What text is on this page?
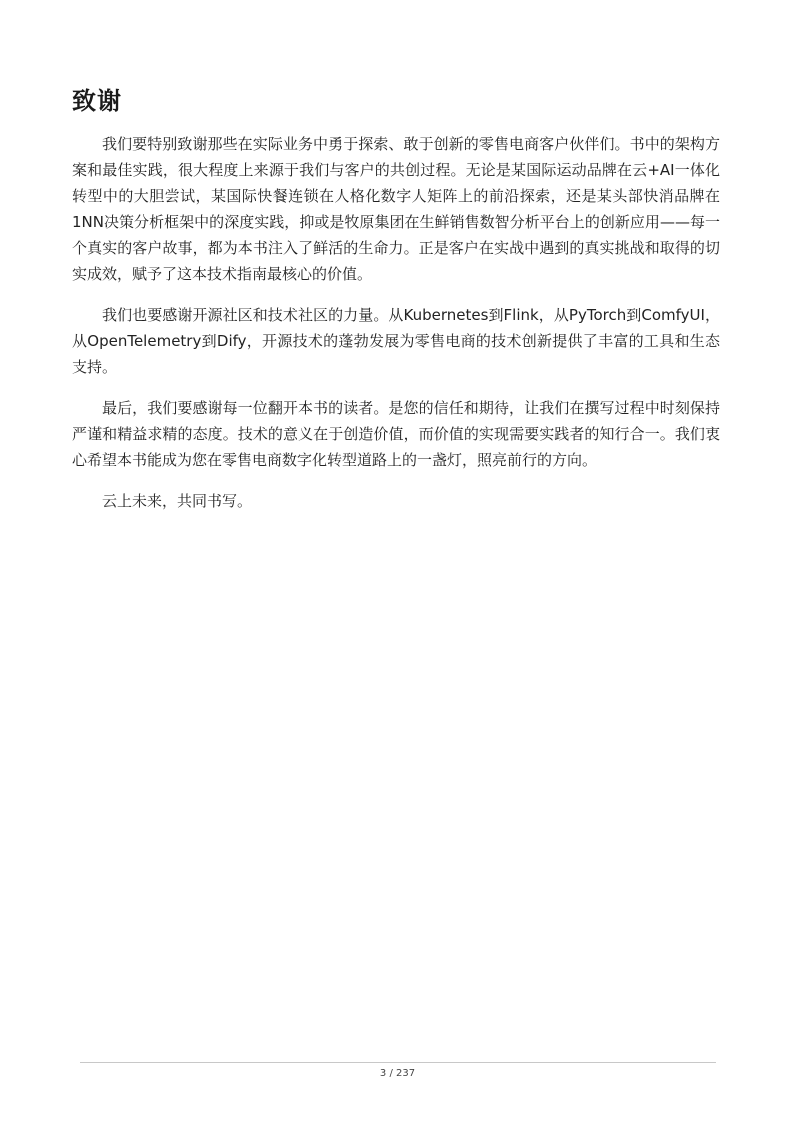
致谢

我们要特别致谢那些在实际业务中勇于探索、敢于创新的零售电商客户伙伴们。书中的架构方案和最佳实践，很大程度上来源于我们与客户的共创过程。无论是某国际运动品牌在云+AI一体化转型中的大胆尝试，某国际快餐连锁在人格化数字人矩阵上的前沿探索，还是某头部快消品牌在1NN决策分析框架中的深度实践，抑或是牧原集团在生鲜销售数智分析平台上的创新应用——每一个真实的客户故事，都为本书注入了鲜活的生命力。正是客户在实战中遇到的真实挑战和取得的切实成效，赋予了这本技术指南最核心的价值。

我们也要感谢开源社区和技术社区的力量。从Kubernetes到Flink，从PyTorch到ComfyUI，从OpenTelemetry到Dify，开源技术的蓬勃发展为零售电商的技术创新提供了丰富的工具和生态支持。

最后，我们要感谢每一位翻开本书的读者。是您的信任和期待，让我们在撰写过程中时刻保持严谨和精益求精的态度。技术的意义在于创造价值，而价值的实现需要实践者的知行合一。我们衷心希望本书能成为您在零售电商数字化转型道路上的一盏灯，照亮前行的方向。

云上未来，共同书写。

3 / 237
